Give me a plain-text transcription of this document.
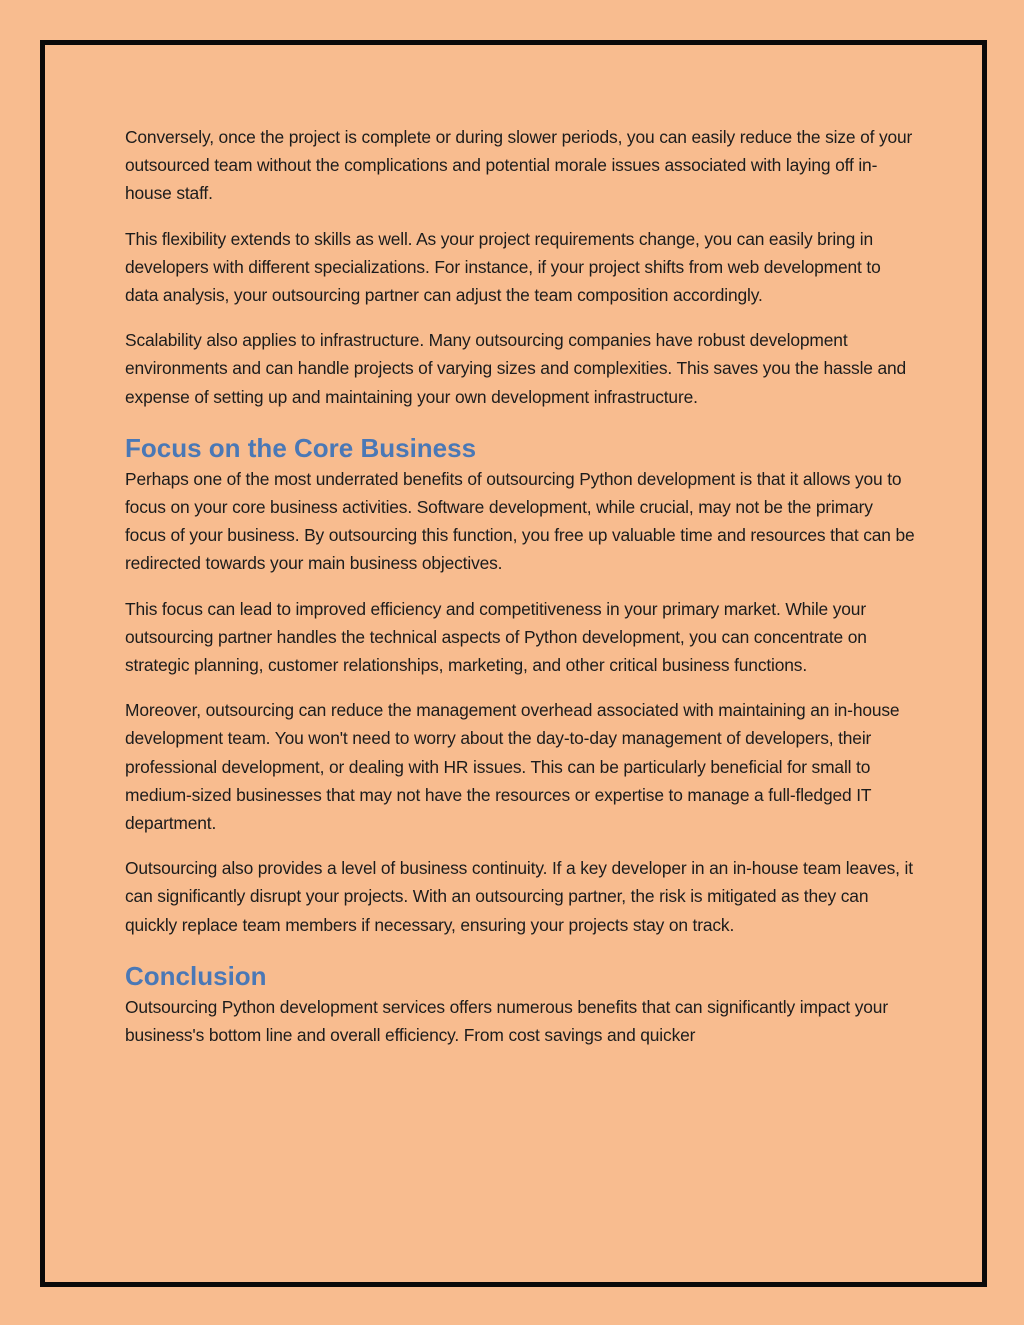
Conversely, once the project is complete or during slower periods, you can easily reduce the size of your outsourced team without the complications and potential morale issues associated with laying off in-house staff.

This flexibility extends to skills as well. As your project requirements change, you can easily bring in developers with different specializations. For instance, if your project shifts from web development to data analysis, your outsourcing partner can adjust the team composition accordingly.

Scalability also applies to infrastructure. Many outsourcing companies have robust development environments and can handle projects of varying sizes and complexities. This saves you the hassle and expense of setting up and maintaining your own development infrastructure.

Focus on the Core Business

Perhaps one of the most underrated benefits of outsourcing Python development is that it allows you to focus on your core business activities. Software development, while crucial, may not be the primary focus of your business. By outsourcing this function, you free up valuable time and resources that can be redirected towards your main business objectives.

This focus can lead to improved efficiency and competitiveness in your primary market. While your outsourcing partner handles the technical aspects of Python development, you can concentrate on strategic planning, customer relationships, marketing, and other critical business functions.

Moreover, outsourcing can reduce the management overhead associated with maintaining an in-house development team. You won't need to worry about the day-to-day management of developers, their professional development, or dealing with HR issues. This can be particularly beneficial for small to medium-sized businesses that may not have the resources or expertise to manage a full-fledged IT department.

Outsourcing also provides a level of business continuity. If a key developer in an in-house team leaves, it can significantly disrupt your projects. With an outsourcing partner, the risk is mitigated as they can quickly replace team members if necessary, ensuring your projects stay on track.

Conclusion

Outsourcing Python development services offers numerous benefits that can significantly impact your business's bottom line and overall efficiency. From cost savings and quicker
